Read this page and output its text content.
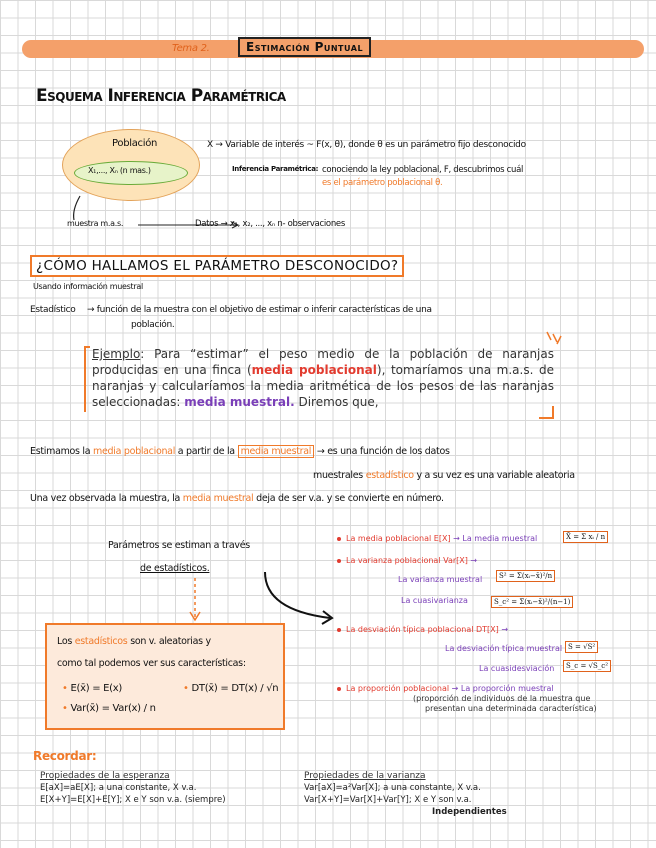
Tema 2.	Estimación Puntual
Esquema Inferencia Paramétrica
Población
X₁,..., Xₙ (n mas.)
X → Variable de interés ~ F(x, θ), donde θ es un parámetro fijo desconocido
Inferencia Paramétrica: conociendo la ley poblacional, F, descubrimos cuál
es el parámetro poblacional θ.
muestra m.a.s.	Datos → x₁, x₂, ..., xₙ n- observaciones
¿CÓMO HALLAMOS EL PARÁMETRO DESCONOCIDO?
Usando información muestral
Estadístico → función de la muestra con el objetivo de estimar o inferir características de una
población.
Ejemplo: Para “estimar” el peso medio de la población de naranjas producidas en una finca (media poblacional), tomaríamos una m.a.s. de naranjas y calcularíamos la media aritmética de los pesos de las naranjas seleccionadas: media muestral. Diremos que,
Estimamos la media poblacional a partir de la media muestral → es una función de los datos
muestrales estadístico y a su vez es una variable aleatoria
Una vez observada la muestra, la media muestral deja de ser v.a. y se convierte en número.
Parámetros se estiman a través
de estadísticos.
La media poblacional E[X] → La media muestral	X̄ = Σ xᵢ / n
La varianza poblacional Var[X] →
La varianza muestral	S² = Σ(xᵢ−x̄)²/n
La cuasivarianza	S_c² = Σ(xᵢ−x̄)²/(n−1)
La desviación típica poblacional DT[X] →
La desviación típica muestral S = √S²
La cuasidesviación	S_c = √S_c²
La proporción poblacional → La proporción muestral
(proporción de individuos de la muestra que
presentan una determinada característica)
Los estadísticos son v. aleatorias y
como tal podemos ver sus características:
• E(x̄) = E(x)
• Var(x̄) = Var(x) / n
• DT(x̄) = DT(x) / √n
Recordar:
Propiedades de la esperanza
E[aX]=aE[X]; a una constante, X v.a.
E[X+Y]=E[X]+E[Y]; X e Y son v.a. (siempre)
Propiedades de la varianza
Var[aX]=a²Var[X]; a una constante, X v.a.
Var[X+Y]=Var[X]+Var[Y]; X e Y son v.a.
Independientes
